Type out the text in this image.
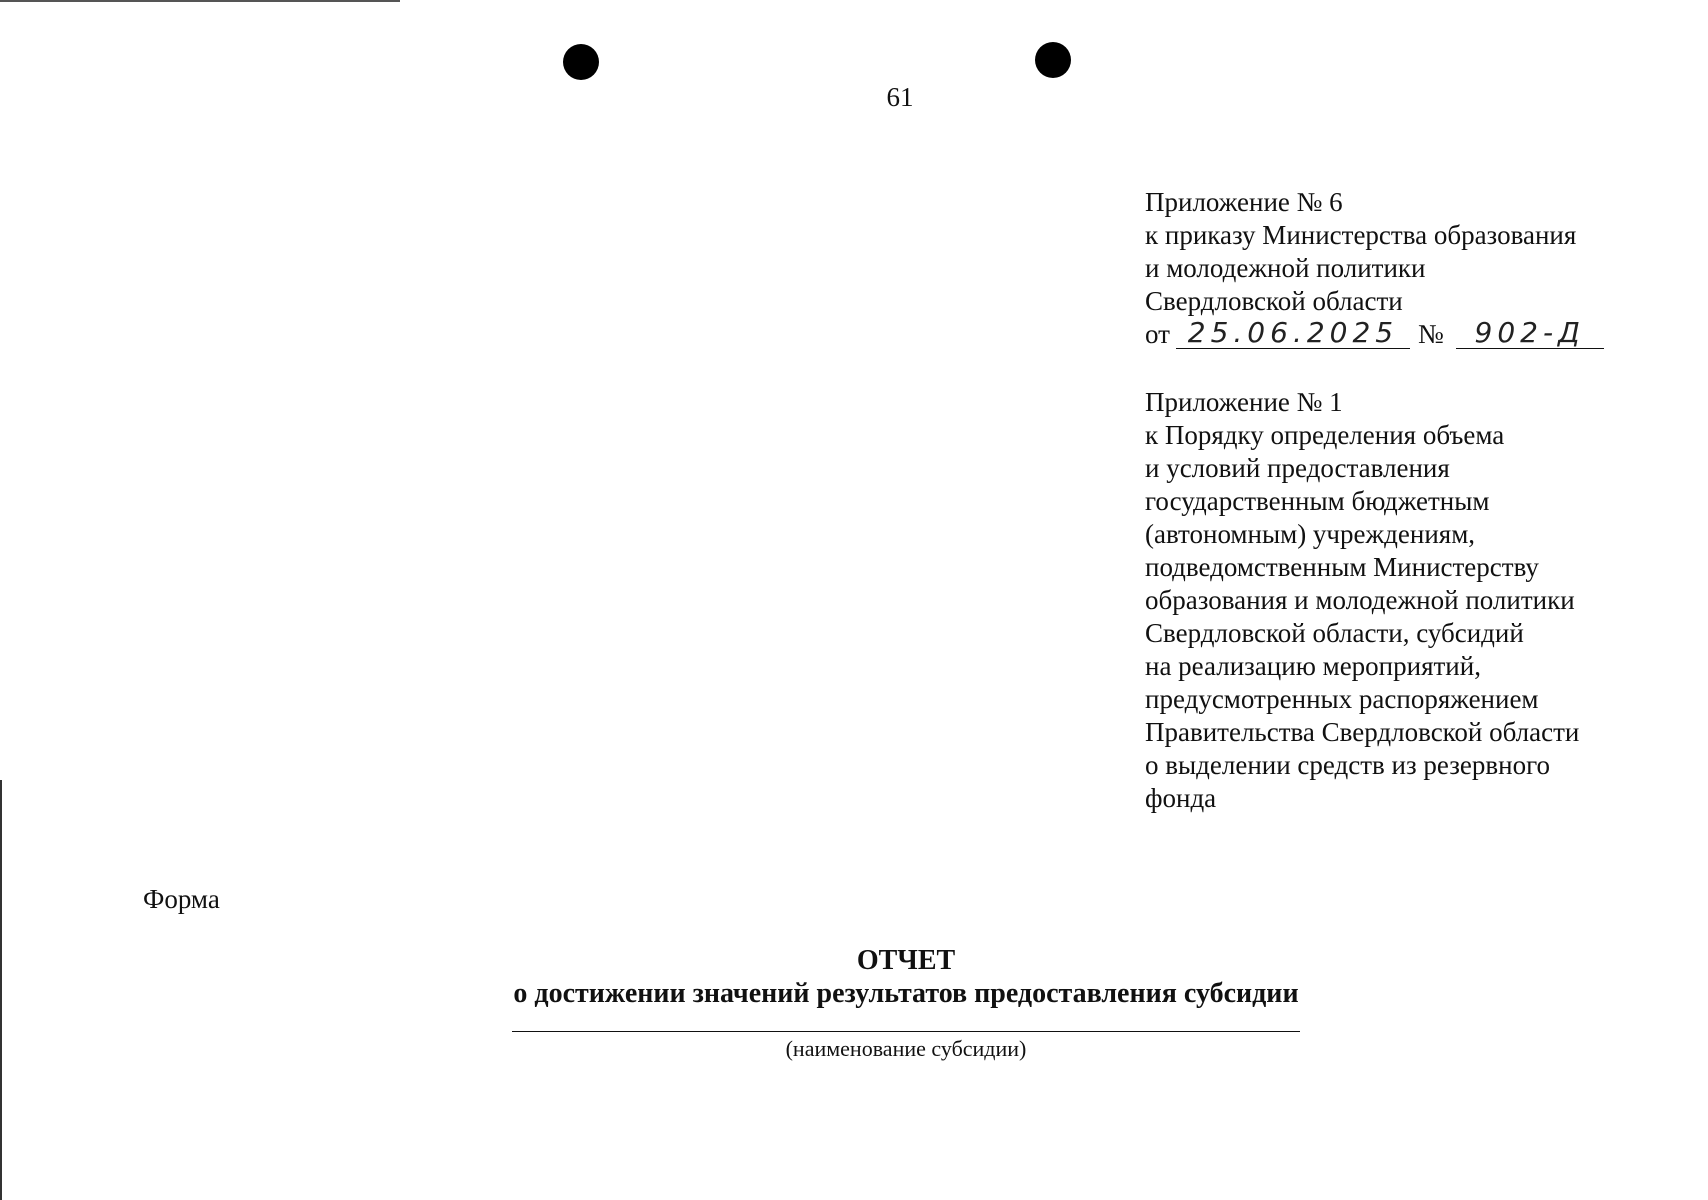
61
Приложение № 6
к приказу Министерства образования
и молодежной политики
Свердловской области
от 25.06.2025 №	902-Д
Приложение № 1
к Порядку определения объема
и условий предоставления
государственным бюджетным
(автономным) учреждениям,
подведомственным Министерству
образования и молодежной политики
Свердловской области, субсидий
на реализацию мероприятий,
предусмотренных распоряжением
Правительства Свердловской области
о выделении средств из резервного
фонда
Форма
ОТЧЕТ
о достижении значений результатов предоставления субсидии
(наименование субсидии)
